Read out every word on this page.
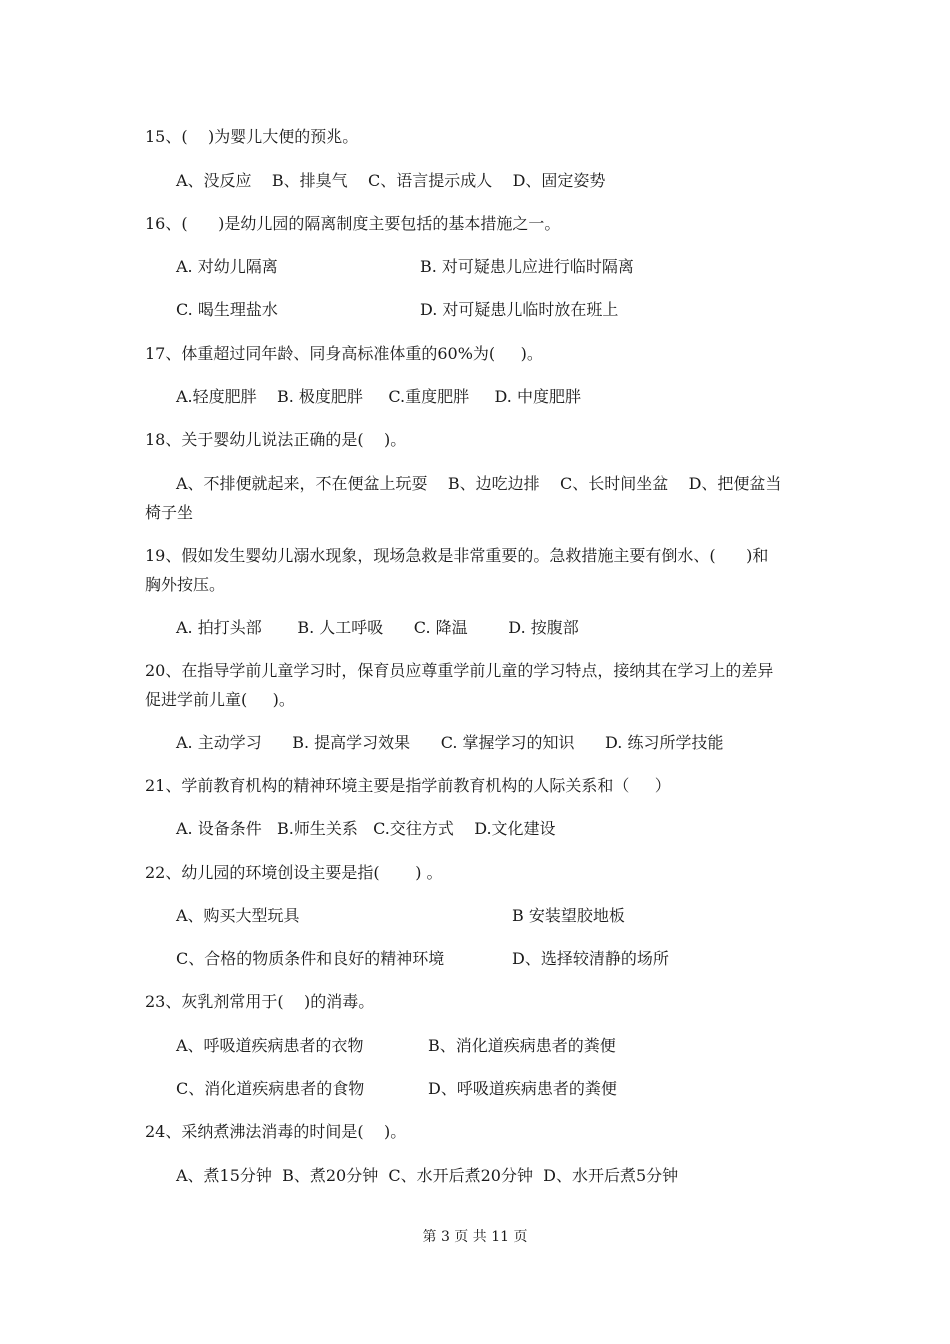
15、(    )为婴儿大便的预兆。
A、没反应    B、排臭气    C、语言提示成人    D、固定姿势
16、(      )是幼儿园的隔离制度主要包括的基本措施之一。
A. 对幼儿隔离	B. 对可疑患儿应进行临时隔离
C. 喝生理盐水	D. 对可疑患儿临时放在班上
17、体重超过同年龄、同身高标准体重的60%为(     )。
A.轻度肥胖    B. 极度肥胖     C.重度肥胖     D. 中度肥胖
18、关于婴幼儿说法正确的是(    )。
A、不排便就起来，不在便盆上玩耍    B、边吃边排    C、长时间坐盆    D、把便盆当
椅子坐
19、假如发生婴幼儿溺水现象，现场急救是非常重要的。急救措施主要有倒水、(      )和
胸外按压。
A. 拍打头部       B. 人工呼吸      C. 降温        D. 按腹部
20、在指导学前儿童学习时，保育员应尊重学前儿童的学习特点，接纳其在学习上的差异
促进学前儿童(     )。
A. 主动学习      B. 提高学习效果      C. 掌握学习的知识      D. 练习所学技能
21、学前教育机构的精神环境主要是指学前教育机构的人际关系和（     ）
A. 设备条件   B.师生关系   C.交往方式    D.文化建设
22、幼儿园的环境创设主要是指(       ) 。
A、购买大型玩具	B 安装望胶地板
C、合格的物质条件和良好的精神环境	D、选择较清静的场所
23、灰乳剂常用于(    )的消毒。
A、呼吸道疾病患者的衣物	B、消化道疾病患者的粪便
C、消化道疾病患者的食物	D、呼吸道疾病患者的粪便
24、采纳煮沸法消毒的时间是(    )。
A、煮15分钟  B、煮20分钟  C、水开后煮20分钟  D、水开后煮5分钟
第 3 页 共 11 页
